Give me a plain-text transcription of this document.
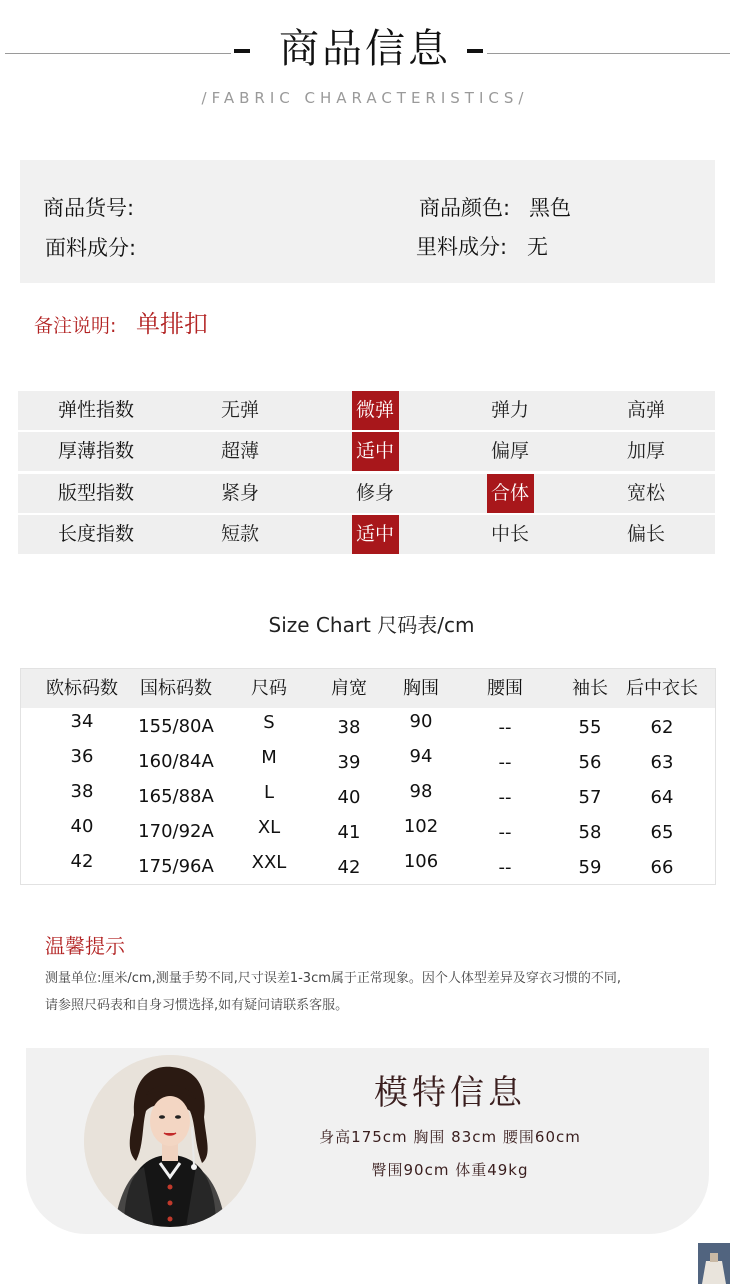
商品信息
/FABRIC CHARACTERISTICS/
商品货号:	商品颜色: 黑色
面料成分:	里料成分: 无
备注说明: 单排扣
弹性指数	无弹	微弹	弹力	高弹
厚薄指数	超薄	适中	偏厚	加厚
版型指数	紧身	修身	合体	宽松
长度指数	短款	适中	中长	偏长
Size Chart 尺码表/cm
欧标码数	国标码数	尺码	肩宽	胸围	腰围	袖长	后中衣长
34	155/80A	S	38	90	--	55	62
36	160/84A	M	39	94	--	56	63
38	165/88A	L	40	98	--	57	64
40	170/92A	XL	41	102	--	58	65
42	175/96A	XXL	42	106	--	59	66
温馨提示
测量单位:厘米/cm,测量手势不同,尺寸误差1-3cm属于正常现象。因个人体型差异及穿衣习惯的不同,
请参照尺码表和自身习惯选择,如有疑问请联系客服。
模特信息
身高175cm 胸围 83cm 腰围60cm
臀围90cm 体重49kg
